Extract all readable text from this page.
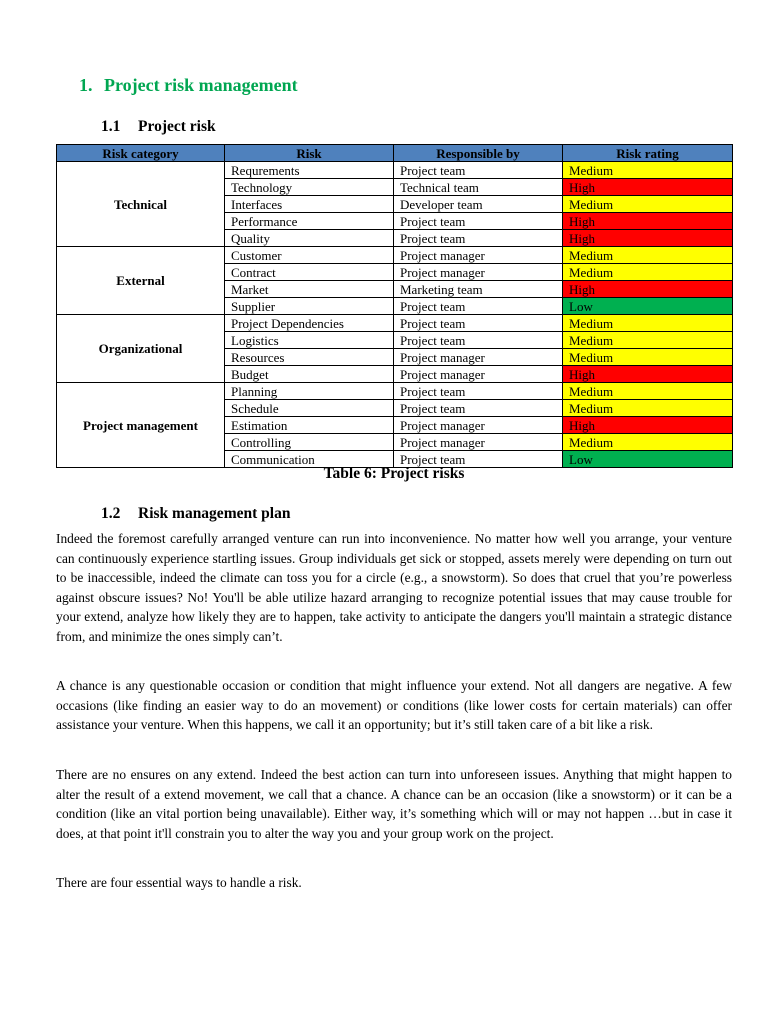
1. Project risk management
1.1 Project risk
Risk category	Risk	Responsible by	Risk rating
Technical	Requrements	Project team	Medium
	Technology	Technical team	High
	Interfaces	Developer team	Medium
	Performance	Project team	High
	Quality	Project team	High
External	Customer	Project manager	Medium
	Contract	Project manager	Medium
	Market	Marketing team	High
	Supplier	Project team	Low
Organizational	Project Dependencies	Project team	Medium
	Logistics	Project team	Medium
	Resources	Project manager	Medium
	Budget	Project manager	High
Project management	Planning	Project team	Medium
	Schedule	Project team	Medium
	Estimation	Project manager	High
	Controlling	Project manager	Medium
	Communication	Project team	Low
Table 6: Project risks
1.2 Risk management plan

Indeed the foremost carefully arranged venture can run into inconvenience. No matter how well you arrange, your venture can continuously experience startling issues. Group individuals get sick or stopped, assets merely were depending on turn out to be inaccessible, indeed the climate can toss you for a circle (e.g., a snowstorm). So does that cruel that you’re powerless against obscure issues? No! You'll be able utilize hazard arranging to recognize potential issues that may cause trouble for your extend, analyze how likely they are to happen, take activity to anticipate the dangers you'll maintain a strategic distance from, and minimize the ones simply can’t.

A chance is any questionable occasion or condition that might influence your extend. Not all dangers are negative. A few occasions (like finding an easier way to do an movement) or conditions (like lower costs for certain materials) can offer assistance your venture. When this happens, we call it an opportunity; but it’s still taken care of a bit like a risk.

There are no ensures on any extend. Indeed the best action can turn into unforeseen issues. Anything that might happen to alter the result of a extend movement, we call that a chance. A chance can be an occasion (like a snowstorm) or it can be a condition (like an vital portion being unavailable). Either way, it’s something which will or may not happen …but in case it does, at that point it'll constrain you to alter the way you and your group work on the project.

There are four essential ways to handle a risk.
